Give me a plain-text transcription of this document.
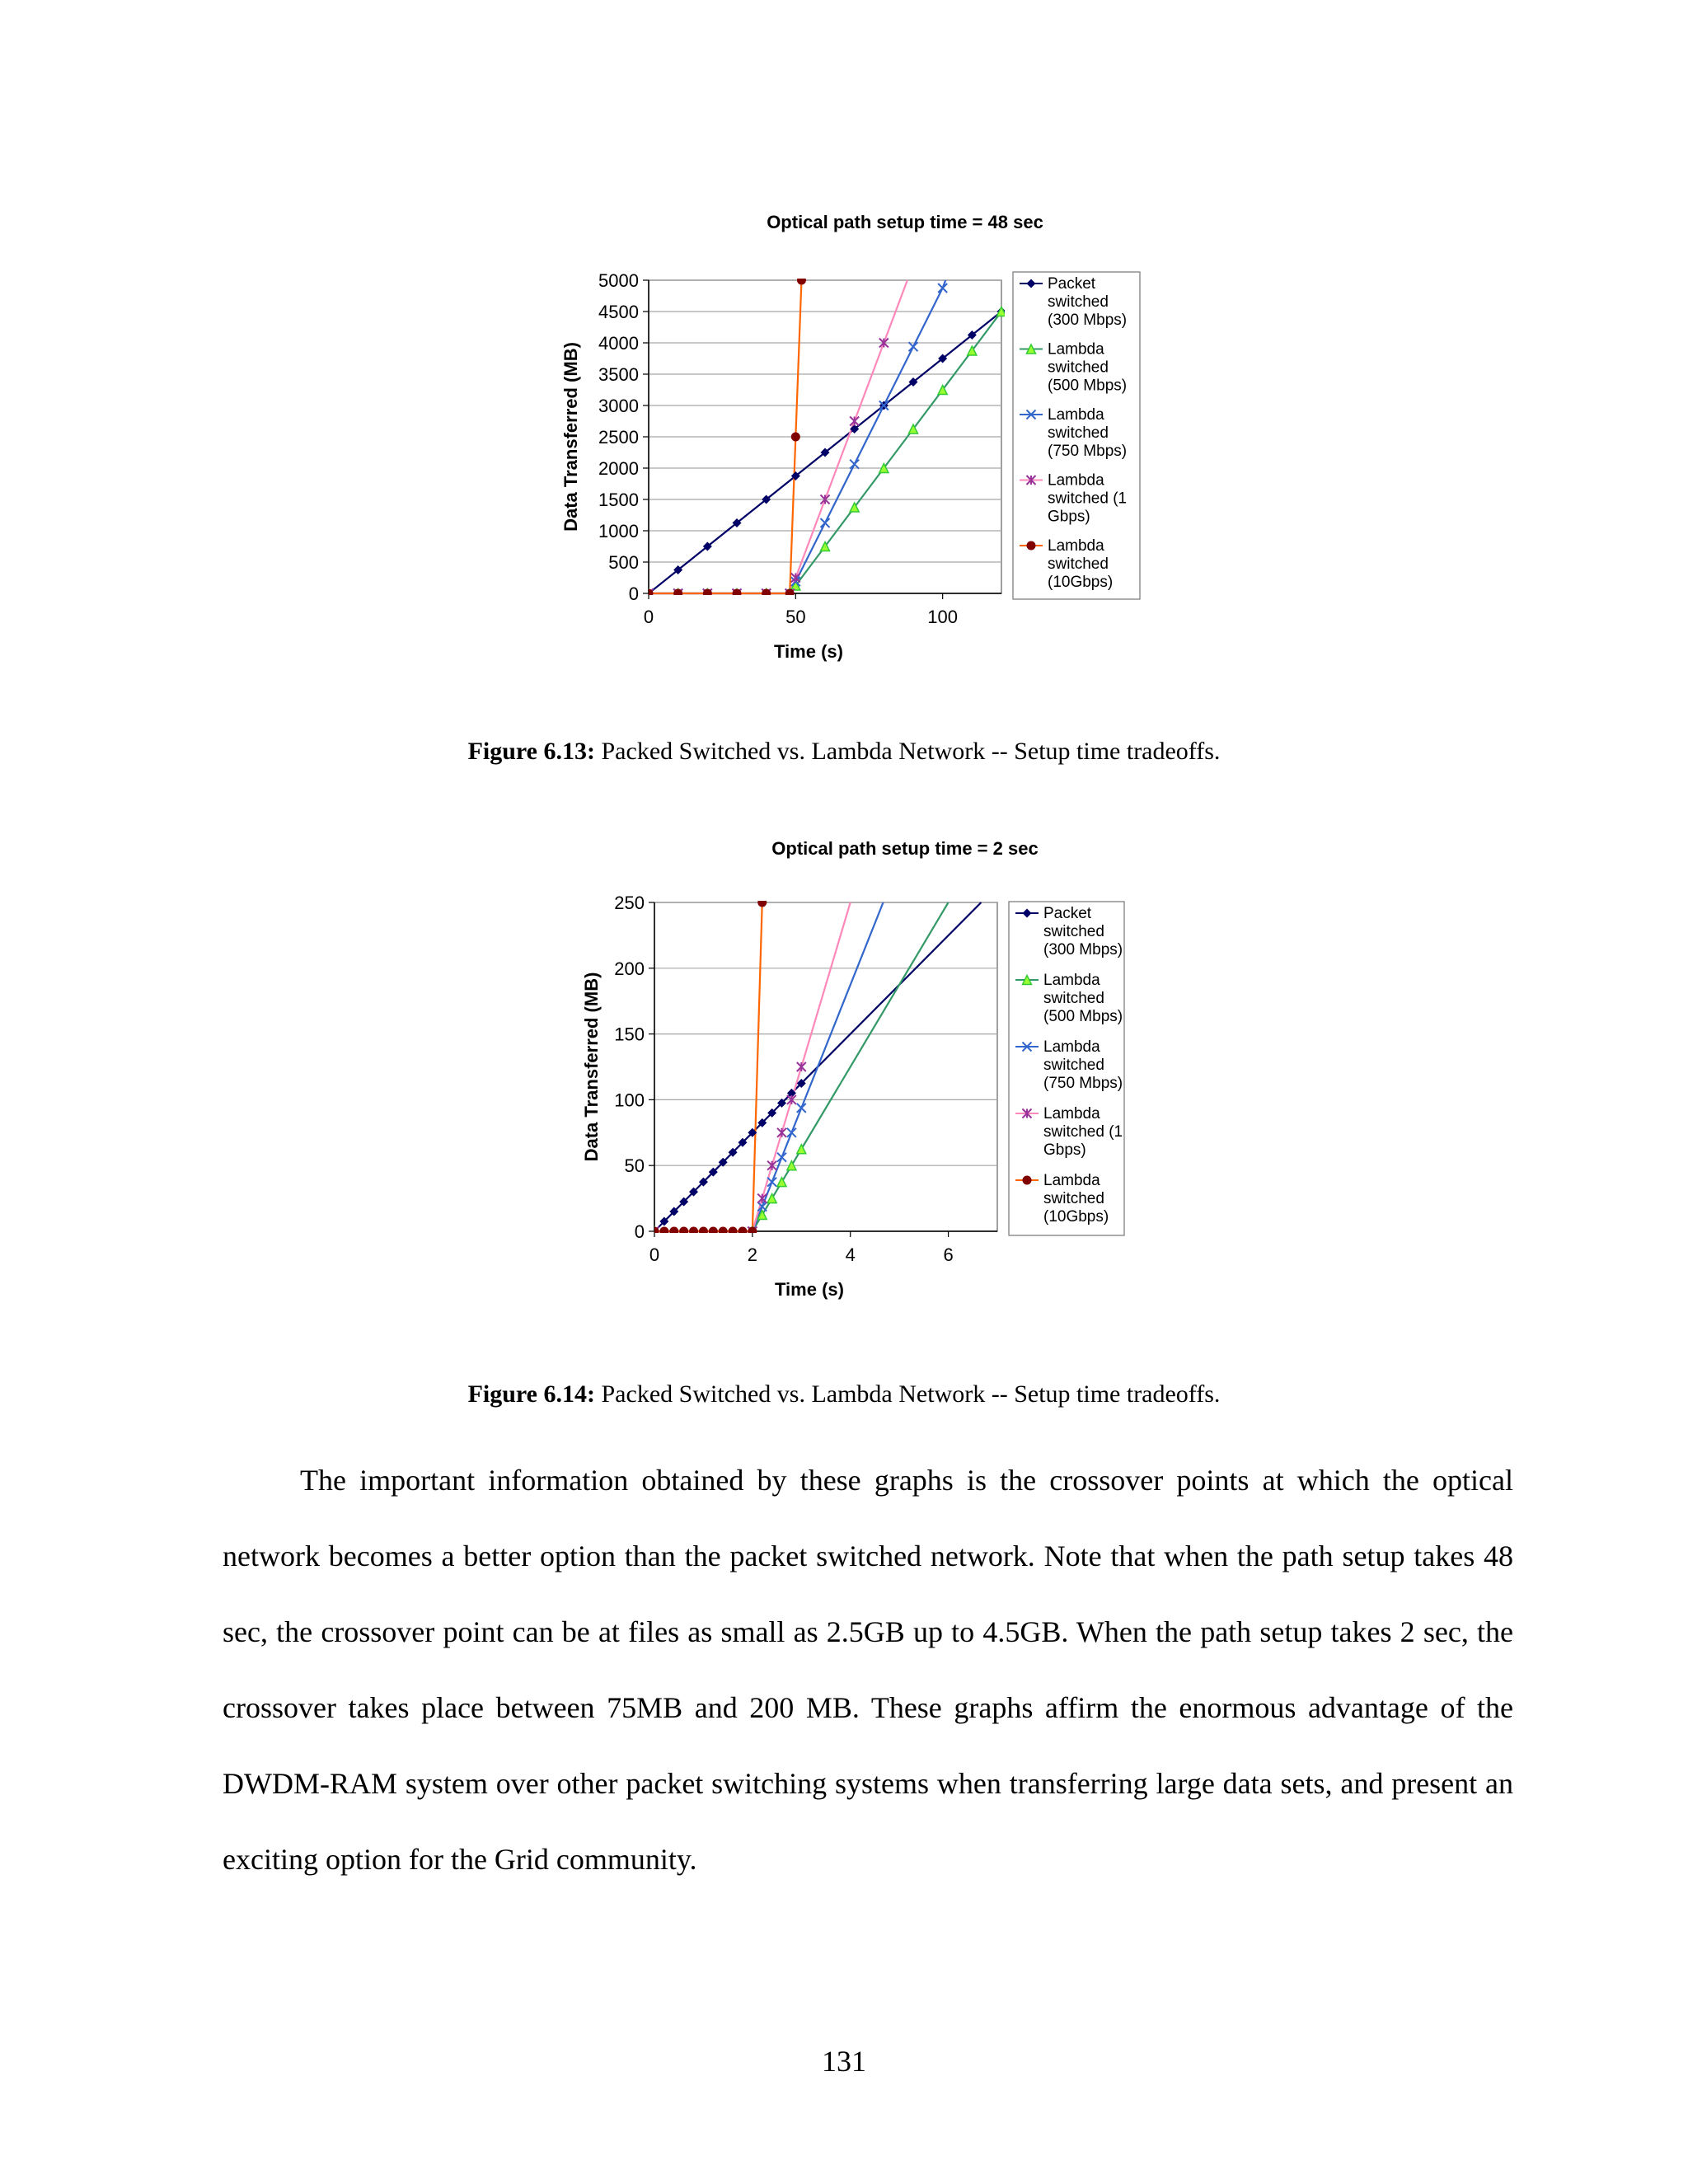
Optical path setup time = 48 sec
0
500
1000
1500
2000
2500
3000
3500
4000
4500
5000
0	50	100
Time (s)
Data Transferred (MB)
Packet
switched
(300 Mbps)
Lambda
switched
(500 Mbps)
Lambda
switched
(750 Mbps)
Lambda
switched (1
Gbps)
Lambda
switched
(10Gbps)
Figure 6.13: Packed Switched vs. Lambda Network -- Setup time tradeoffs.
Optical path setup time = 2 sec
0
50
100
150
200
250
0	2	4	6
Time (s)
Data Transferred (MB)
Packet
switched
(300 Mbps)
Lambda
switched
(500 Mbps)
Lambda
switched
(750 Mbps)
Lambda
switched (1
Gbps)
Lambda
switched
(10Gbps)
Figure 6.14: Packed Switched vs. Lambda Network -- Setup time tradeoffs.

The important information obtained by these graphs is the crossover points at which the optical network becomes a better option than the packet switched network. Note that when the path setup takes 48 sec, the crossover point can be at files as small as 2.5GB up to 4.5GB. When the path setup takes 2 sec, the crossover takes place between 75MB and 200 MB. These graphs affirm the enormous advantage of the DWDM-RAM system over other packet switching systems when transferring large data sets, and present an exciting option for the Grid community.

131
